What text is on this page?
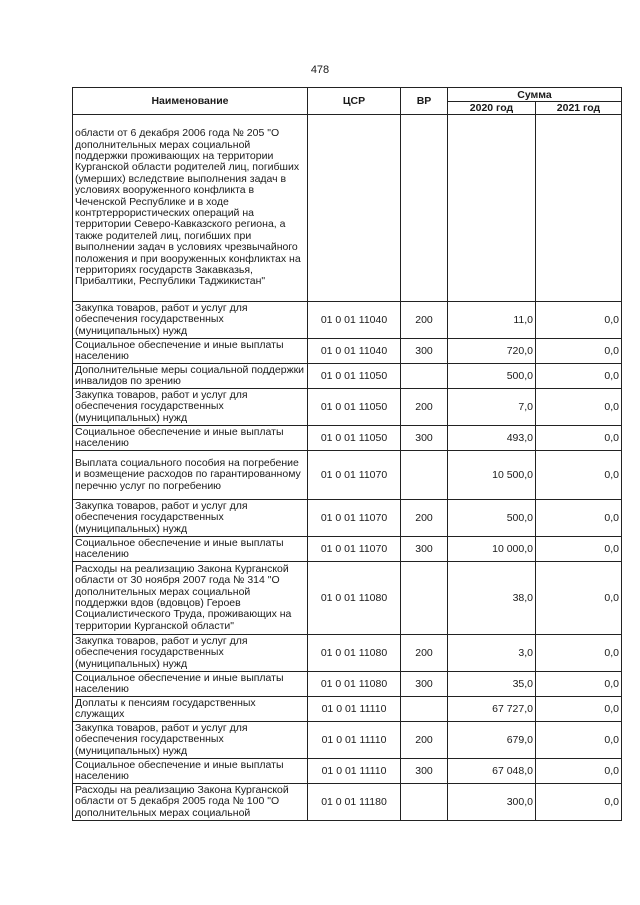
478
Наименование	ЦСР	ВР	Сумма	
			2020 год	2021 год
области от 6 декабря 2006 года № 205 "О дополнительных мерах социальной поддержки проживающих на территории Курганской области родителей лиц, погибших (умерших) вследствие выполнения задач в условиях вооруженного конфликта в Чеченской Республике и в ходе контртеррористических операций на территории Северо-Кавказского региона, а также родителей лиц, погибших при выполнении задач в условиях чрезвычайного положения и при вооруженных конфликтах на территориях государств Закавказья, Прибалтики, Республики Таджикистан"				
Закупка товаров, работ и услуг для обеспечения государственных (муниципальных) нужд	01 0 01 11040	200	11,0	0,0
Социальное обеспечение и иные выплаты населению	01 0 01 11040	300	720,0	0,0
Дополнительные меры социальной поддержки инвалидов по зрению	01 0 01 11050		500,0	0,0
Закупка товаров, работ и услуг для обеспечения государственных (муниципальных) нужд	01 0 01 11050	200	7,0	0,0
Социальное обеспечение и иные выплаты населению	01 0 01 11050	300	493,0	0,0
Выплата социального пособия на погребение и возмещение расходов по гарантированному перечню услуг по погребению	01 0 01 11070		10 500,0	0,0
Закупка товаров, работ и услуг для обеспечения государственных (муниципальных) нужд	01 0 01 11070	200	500,0	0,0
Социальное обеспечение и иные выплаты населению	01 0 01 11070	300	10 000,0	0,0
Расходы на реализацию Закона Курганской области от 30 ноября 2007 года № 314 "О дополнительных мерах социальной поддержки вдов (вдовцов) Героев Социалистического Труда, проживающих на территории Курганской области"	01 0 01 11080		38,0	0,0
Закупка товаров, работ и услуг для обеспечения государственных (муниципальных) нужд	01 0 01 11080	200	3,0	0,0
Социальное обеспечение и иные выплаты населению	01 0 01 11080	300	35,0	0,0
Доплаты к пенсиям государственных служащих	01 0 01 11110		67 727,0	0,0
Закупка товаров, работ и услуг для обеспечения государственных (муниципальных) нужд	01 0 01 11110	200	679,0	0,0
Социальное обеспечение и иные выплаты населению	01 0 01 11110	300	67 048,0	0,0
Расходы на реализацию Закона Курганской области от 5 декабря 2005 года № 100 "О дополнительных мерах социальной	01 0 01 11180		300,0	0,0
